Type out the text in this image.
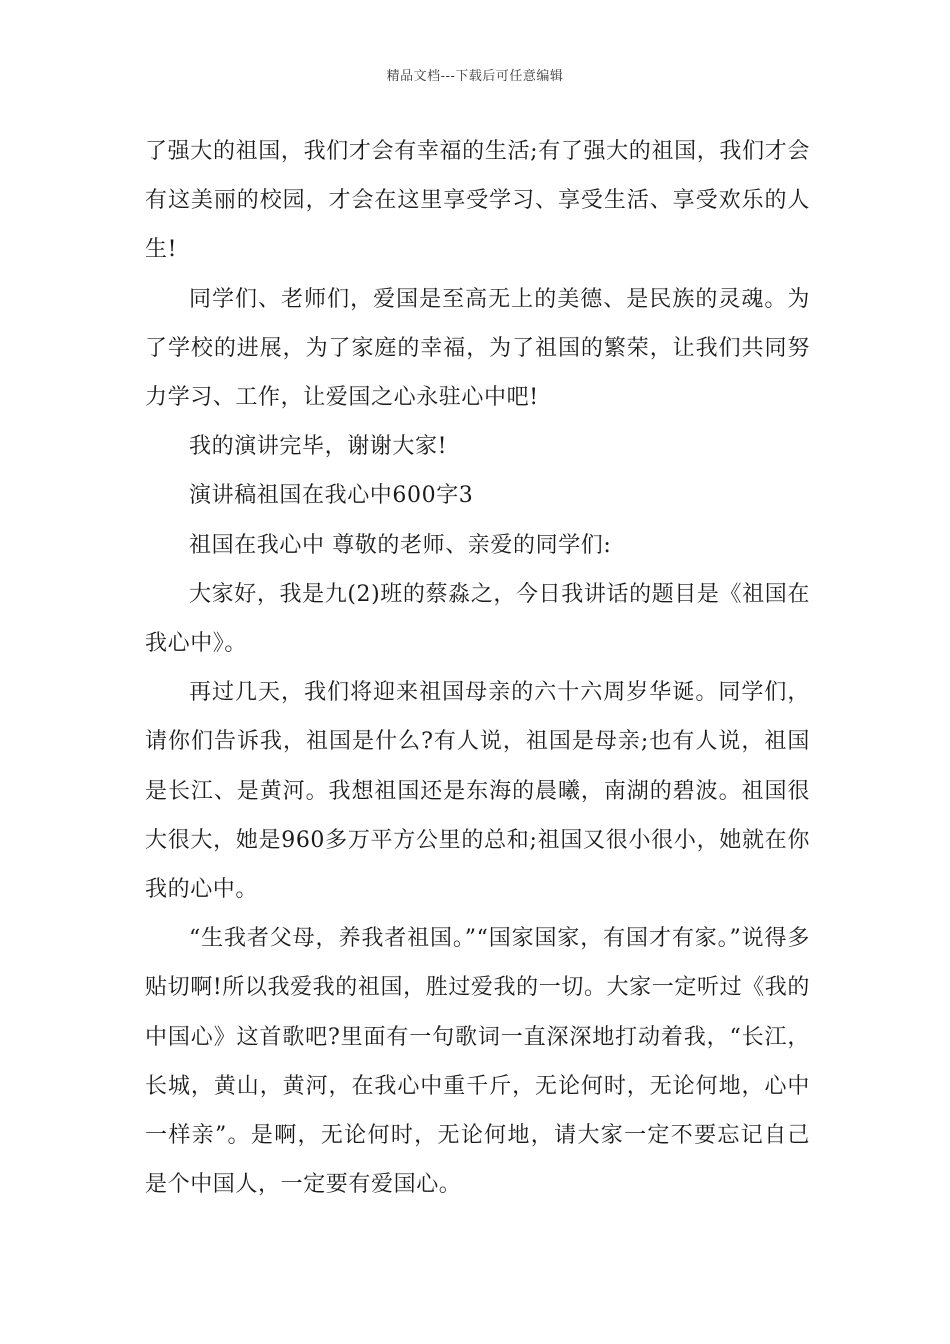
精品文档---下载后可任意编辑

了强大的祖国，我们才会有幸福的生活;有了强大的祖国，我们才会有这美丽的校园，才会在这里享受学习、享受生活、享受欢乐的人生!

同学们、老师们，爱国是至高无上的美德、是民族的灵魂。为了学校的进展，为了家庭的幸福，为了祖国的繁荣，让我们共同努力学习、工作，让爱国之心永驻心中吧!

我的演讲完毕，谢谢大家!

演讲稿祖国在我心中600字3

祖国在我心中 尊敬的老师、亲爱的同学们:

大家好，我是九(2)班的蔡淼之，今日我讲话的题目是《祖国在我心中》。

再过几天，我们将迎来祖国母亲的六十六周岁华诞。同学们，请你们告诉我，祖国是什么?有人说，祖国是母亲;也有人说，祖国是长江、是黄河。我想祖国还是东海的晨曦，南湖的碧波。祖国很大很大，她是960多万平方公里的总和;祖国又很小很小，她就在你我的心中。

“生我者父母，养我者祖国。”“国家国家，有国才有家。”说得多贴切啊!所以我爱我的祖国，胜过爱我的一切。大家一定听过《我的中国心》这首歌吧?里面有一句歌词一直深深地打动着我，“长江，长城，黄山，黄河，在我心中重千斤，无论何时，无论何地，心中一样亲”。是啊，无论何时，无论何地，请大家一定不要忘记自己是个中国人，一定要有爱国心。
